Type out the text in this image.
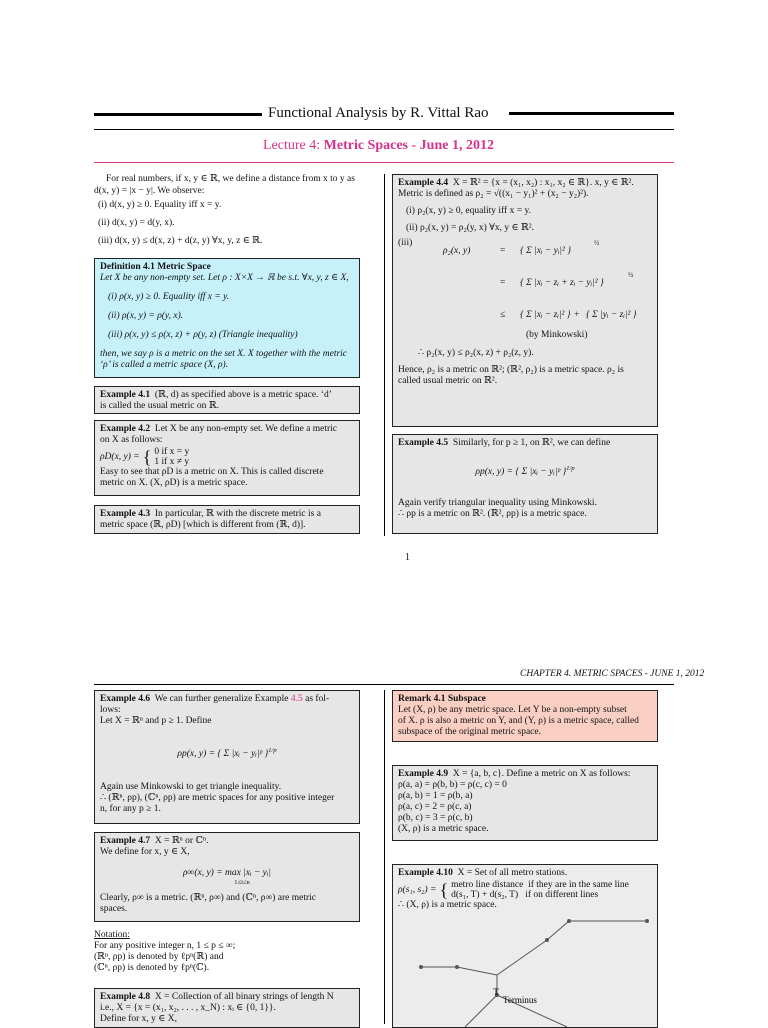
Functional Analysis by R. Vittal Rao
Lecture 4: Metric Spaces - June 1, 2012
For real numbers, if x, y ∈ ℝ, we define a distance from x to y as
d(x, y) = |x − y|. We observe:
(i) d(x, y) ≥ 0. Equality iff x = y.
(ii) d(x, y) = d(y, x).
(iii) d(x, y) ≤ d(x, z) + d(z, y) ∀x, y, z ∈ ℝ.
Definition 4.1 Metric Space
Let X be any non-empty set. Let ρ : X×X → ℝ be s.t. ∀x, y, z ∈ X,
(i) ρ(x, y) ≥ 0. Equality iff x = y.
(ii) ρ(x, y) = ρ(y, x).
(iii) ρ(x, y) ≤ ρ(x, z) + ρ(y, z) (Triangle inequality)
then, we say ρ is a metric on the set X. X together with the metric
‘ρ’ is called a metric space (X, ρ).
Example 4.1 (ℝ, d) as specified above is a metric space. ‘d’
is called the usual metric on ℝ.
Example 4.2 Let X be any non-empty set. We define a metric
on X as follows:
ρD(x, y) = { 0 if x = y
1 if x ≠ y
Easy to see that ρD is a metric on X. This is called discrete
metric on X. (X, ρD) is a metric space.
Example 4.3 In particular, ℝ with the discrete metric is a
metric space (ℝ, ρD) [which is different from (ℝ, d)].
Example 4.4 X = ℝ² = {x = (x₁, x₂) : x₁, x₂ ∈ ℝ}. x, y ∈ ℝ².
Metric is defined as ρ₂ = √((x₁ − y₁)² + (x₂ − y₂)²).
(i) ρ₂(x, y) ≥ 0, equality iff x = y.
(ii) ρ₂(x, y) = ρ₂(y, x) ∀x, y ∈ ℝ².
(iii)
ρ₂(x, y)	= { Σ |xᵢ − yᵢ|² }
½
= { Σ |xᵢ − zᵢ + zᵢ − yᵢ|² }
½
≤ { Σ |xᵢ − zᵢ|² } + { Σ |yᵢ − zᵢ|² }
(by Minkowski)
∴ ρ₂(x, y) ≤ ρ₂(x, z) + ρ₂(z, y).
Hence, ρ₂ is a metric on ℝ²; (ℝ², ρ₂) is a metric space. ρ₂ is
called usual metric on ℝ².
Example 4.5 Similarly, for p ≥ 1, on ℝ², we can define
ρp(x, y) = { Σ |xᵢ − yᵢ|ᵖ }$^{1/p}$
Again verify triangular inequality using Minkowski.
∴ ρp is a metric on ℝ². (ℝ², ρp) is a metric space.
1
CHAPTER 4. METRIC SPACES - JUNE 1, 2012
Example 4.6 We can further generalize Example 4.5 as fol-
lows:
Let X = ℝⁿ and p ≥ 1. Define
ρp(x, y) = { Σ |xᵢ − yᵢ|ᵖ }$^{1/p}$
Again use Minkowski to get triangle inequality.
∴ (ℝⁿ, ρp), (ℂⁿ, ρp) are metric spaces for any positive integer
n, for any p ≥ 1.
Example 4.7 X = ℝⁿ or ℂⁿ.
We define for x, y ∈ X,
ρ∞(x, y) = max |xᵢ − yᵢ|
1≤i≤n
Clearly, ρ∞ is a metric. (ℝⁿ, ρ∞) and (ℂⁿ, ρ∞) are metric
spaces.
Notation:
For any positive integer n, 1 ≤ p ≤ ∞;
(ℝⁿ, ρp) is denoted by ℓpⁿ(ℝ) and
(ℂⁿ, ρp) is denoted by ℓpⁿ(ℂ).
Example 4.8 X = Collection of all binary strings of length N
i.e., X = {x = (x₁, x₂, . . . , x_N) : xᵢ ∈ {0, 1}}.
Define for x, y ∈ X,
Remark 4.1 Subspace
Let (X, ρ) be any metric space. Let Y be a non-empty subset
of X. ρ is also a metric on Y, and (Y, ρ) is a metric space, called
subspace of the original metric space.
Example 4.9 X = {a, b, c}. Define a metric on X as follows:
ρ(a, a) = ρ(b, b) = ρ(c, c) = 0
ρ(a, b) = 1 = ρ(b, a)
ρ(a, c) = 2 = ρ(c, a)
ρ(b, c) = 3 = ρ(c, b)
(X, ρ) is a metric space.
Example 4.10 X = Set of all metro stations.
ρ(s₁, s₂) = { metro line distance if they are in the same line
d(s₁, T) + d(s₂, T) if on different lines
∴ (X, ρ) is a metric space.
T
Terminus
